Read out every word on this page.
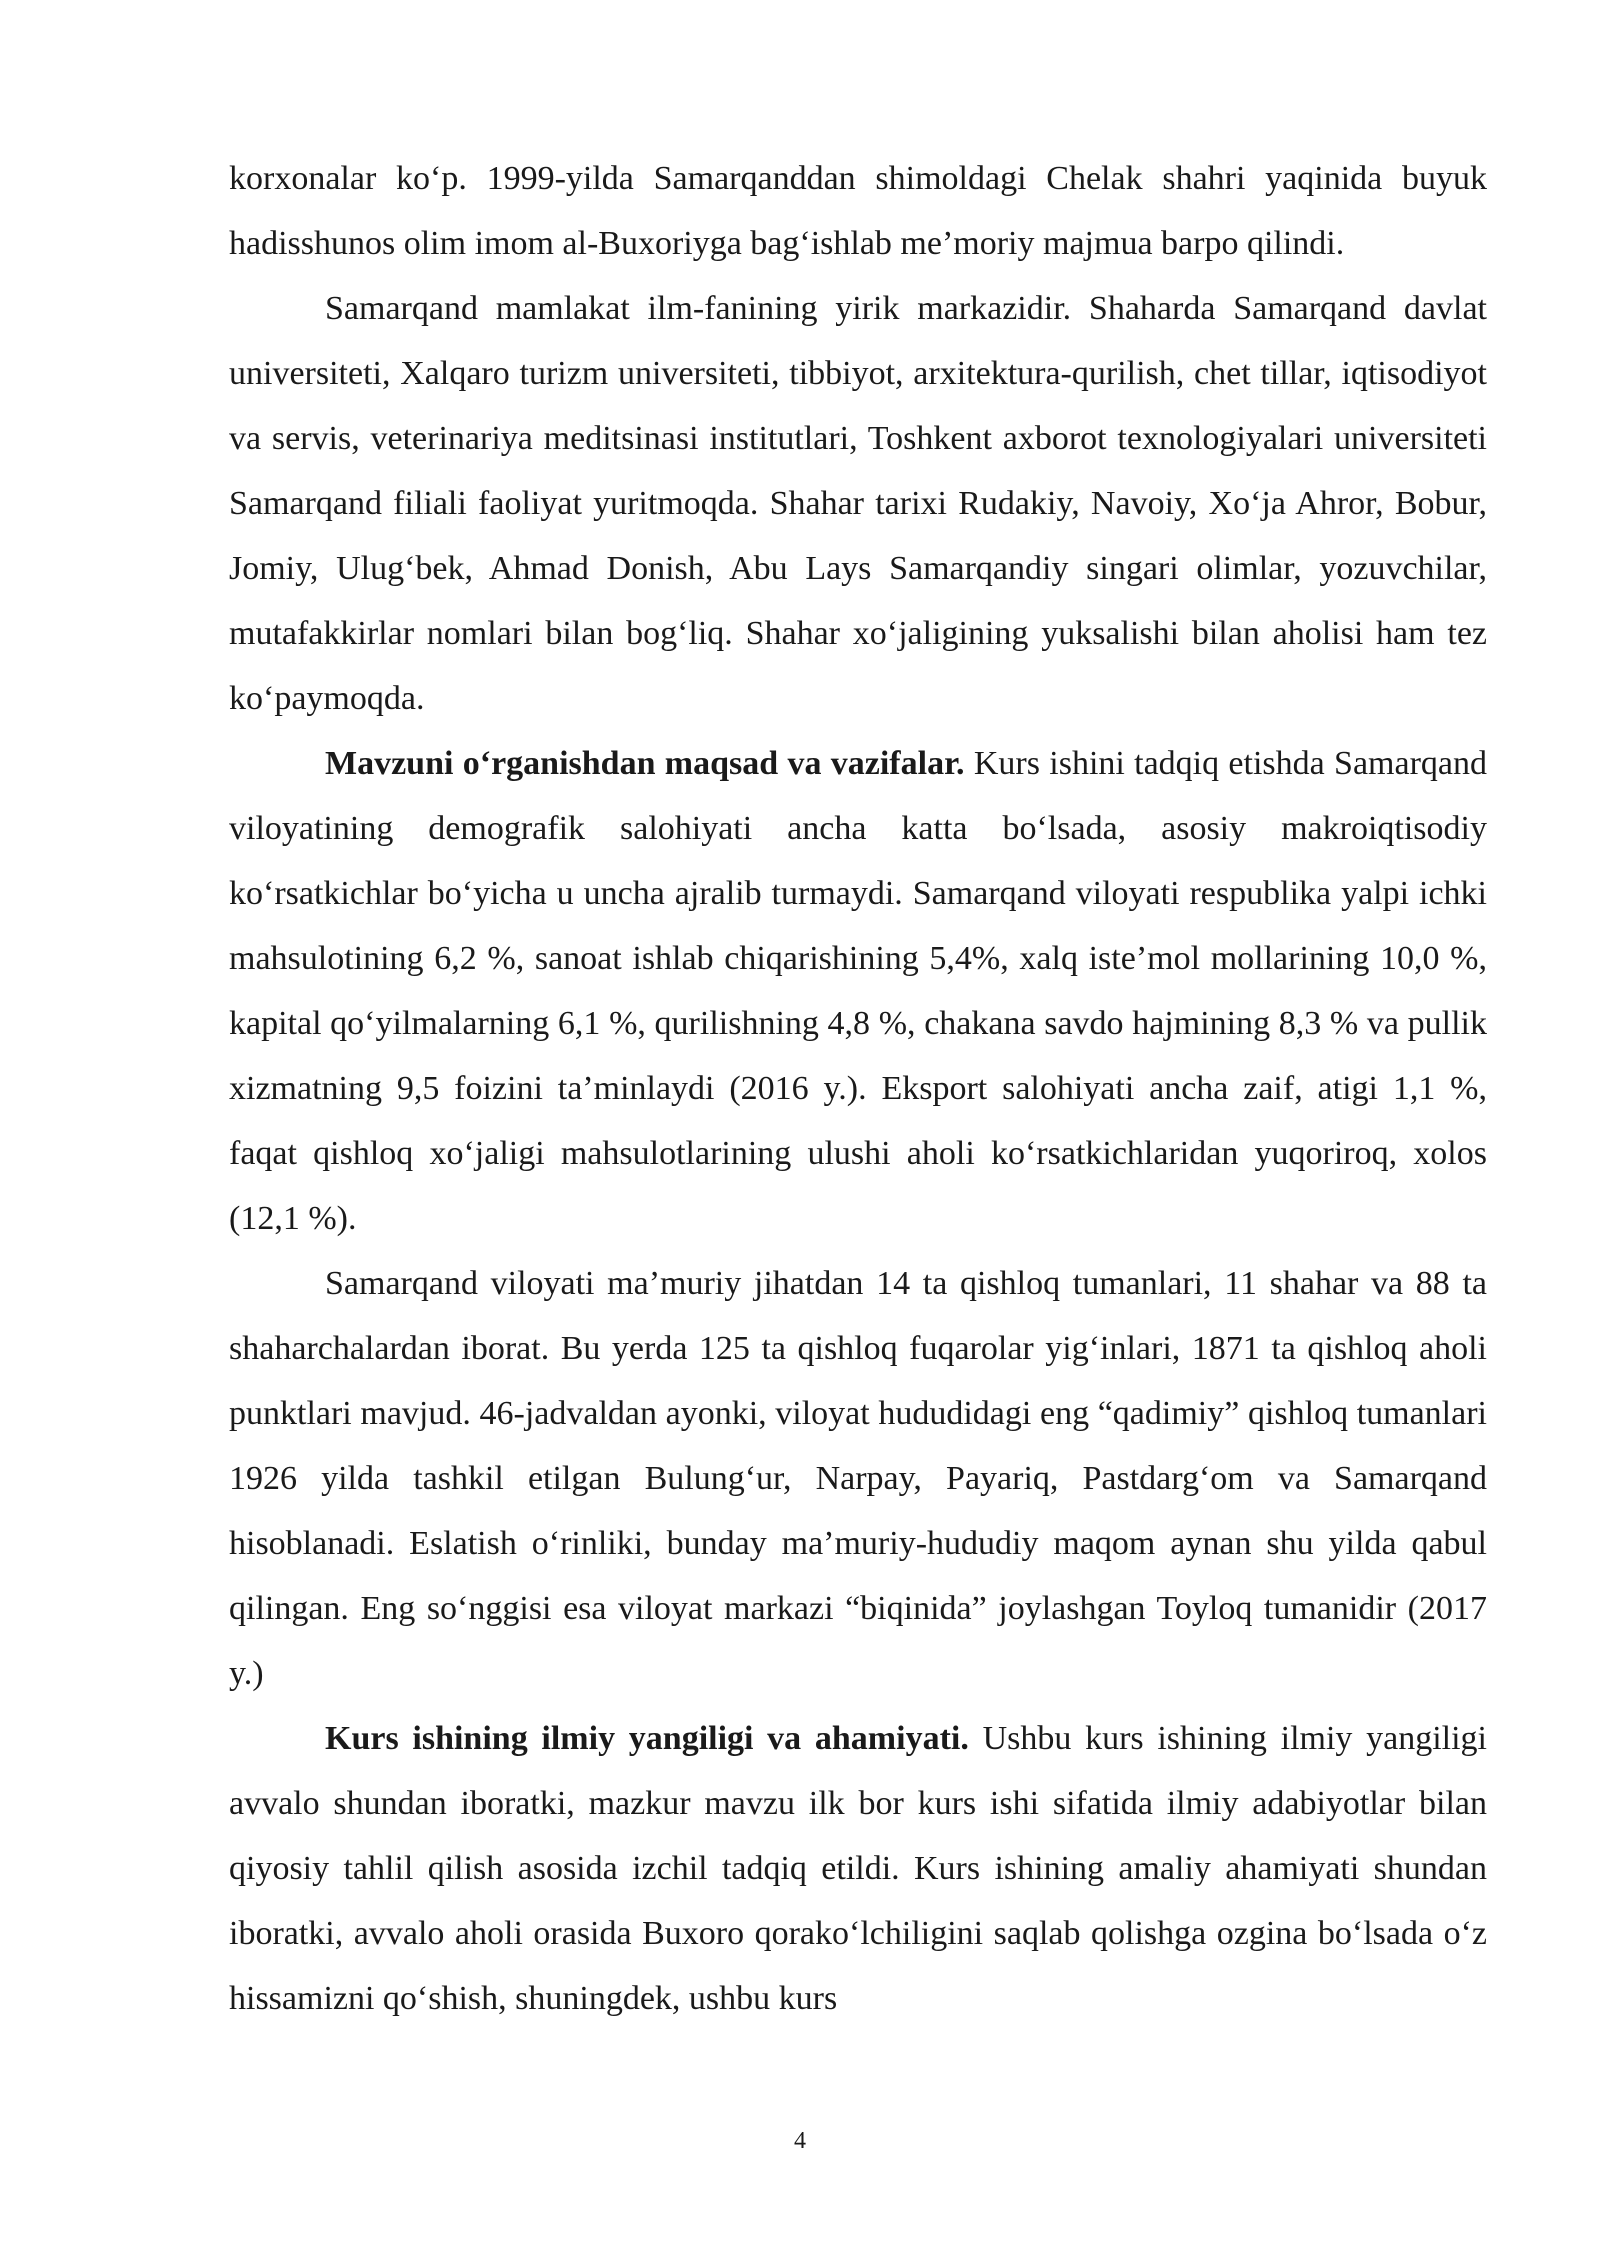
korxonalar ko‘p. 1999-yilda Samarqanddan shimoldagi Chelak shahri yaqinida buyuk hadisshunos olim imom al-Buxoriyga bag‘ishlab me’moriy majmua barpo qilindi.

Samarqand mamlakat ilm-fanining yirik markazidir. Shaharda Samarqand davlat universiteti, Xalqaro turizm universiteti, tibbiyot, arxitektura-qurilish, chet tillar, iqtisodiyot va servis, veterinariya meditsinasi institutlari, Toshkent axborot texnologiyalari universiteti Samarqand filiali faoliyat yuritmoqda. Shahar tarixi Rudakiy, Navoiy, Xo‘ja Ahror, Bobur, Jomiy, Ulug‘bek, Ahmad Donish, Abu Lays Samarqandiy singari olimlar, yozuvchilar, mutafakkirlar nomlari bilan bog‘liq. Shahar xo‘jaligining yuksalishi bilan aholisi ham tez ko‘paymoqda.

Mavzuni o‘rganishdan maqsad va vazifalar. Kurs ishini tadqiq etishda Samarqand viloyatining demografik salohiyati ancha katta bo‘lsada, asosiy makroiqtisodiy ko‘rsatkichlar bo‘yicha u uncha ajralib turmaydi. Samarqand viloyati respublika yalpi ichki mahsulotining 6,2 %, sanoat ishlab chiqarishining 5,4%, xalq iste’mol mollarining 10,0 %, kapital qo‘yilmalarning 6,1 %, qurilishning 4,8 %, chakana savdo hajmining 8,3 % va pullik xizmatning 9,5 foizini ta’minlaydi (2016 y.). Eksport salohiyati ancha zaif, atigi 1,1 %, faqat qishloq xo‘jaligi mahsulotlarining ulushi aholi ko‘rsatkichlaridan yuqoriroq, xolos (12,1 %).

Samarqand viloyati ma’muriy jihatdan 14 ta qishloq tumanlari, 11 shahar va 88 ta shaharchalardan iborat. Bu yerda 125 ta qishloq fuqarolar yig‘inlari, 1871 ta qishloq aholi punktlari mavjud. 46-jadvaldan ayonki, viloyat hududidagi eng “qadimiy” qishloq tumanlari 1926 yilda tashkil etilgan Bulung‘ur, Narpay, Payariq, Pastdarg‘om va Samarqand hisoblanadi. Eslatish o‘rinliki, bunday ma’muriy-hududiy maqom aynan shu yilda qabul qilingan. Eng so‘nggisi esa viloyat markazi “biqinida” joylashgan Toyloq tumanidir (2017 y.)

Kurs ishining ilmiy yangiligi va ahamiyati. Ushbu kurs ishining ilmiy yangiligi avvalo shundan iboratki, mazkur mavzu ilk bor kurs ishi sifatida ilmiy adabiyotlar bilan qiyosiy tahlil qilish asosida izchil tadqiq etildi. Kurs ishining amaliy ahamiyati shundan iboratki, avvalo aholi orasida Buxoro qorako‘lchiligini saqlab qolishga ozgina bo‘lsada o‘z hissamizni qo‘shish, shuningdek, ushbu kurs

4
